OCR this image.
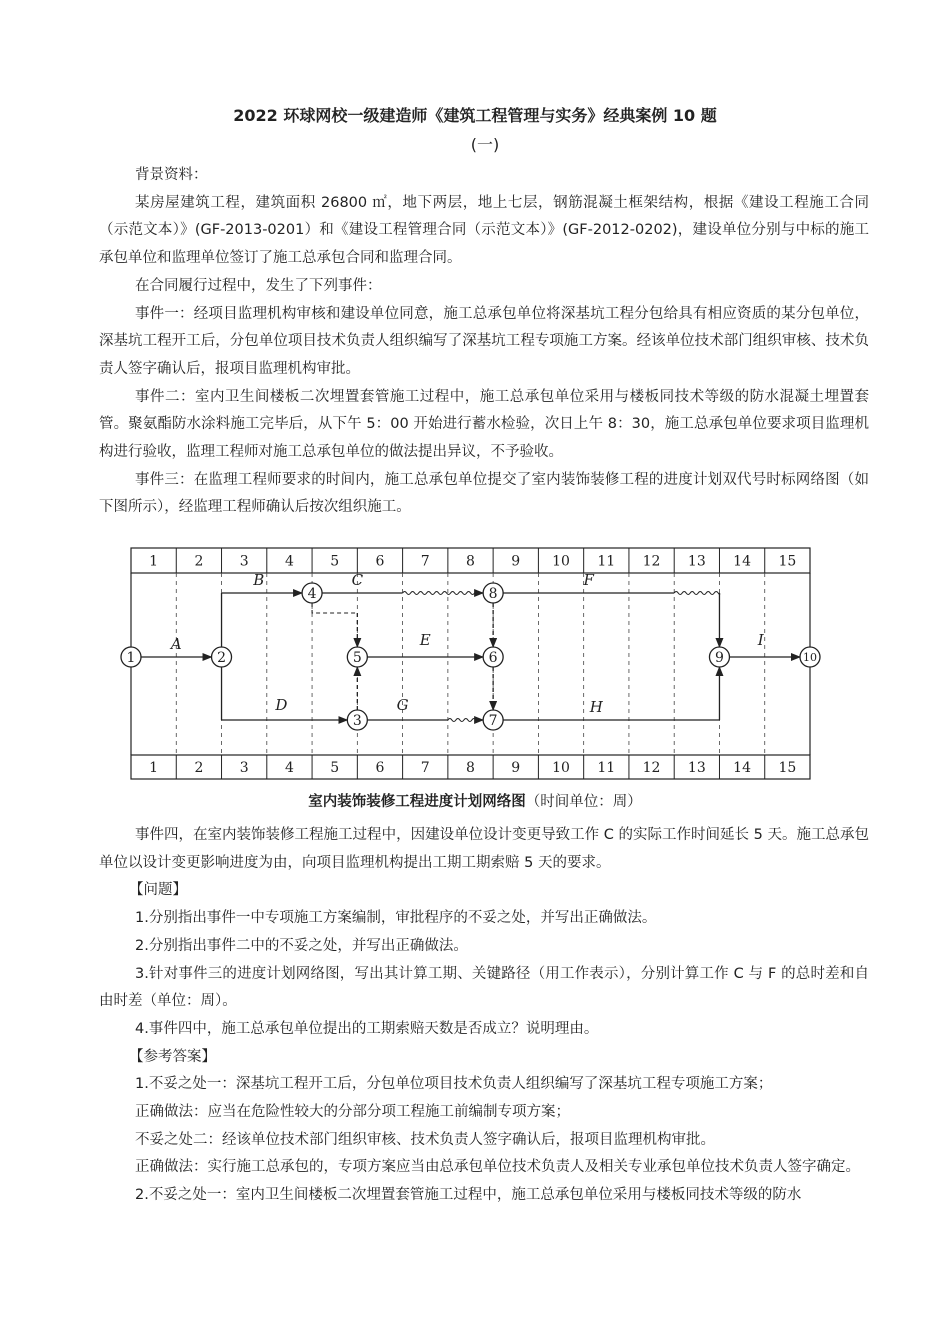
2022 环球网校一级建造师《建筑工程管理与实务》经典案例 10 题
(一)

背景资料：

某房屋建筑工程，建筑面积 26800 ㎡，地下两层，地上七层，钢筋混凝土框架结构，根据《建设工程施工合同（示范文本）》(GF-2013-0201）和《建设工程管理合同（示范文本）》(GF-2012-0202)，建设单位分别与中标的施工承包单位和监理单位签订了施工总承包合同和监理合同。

在合同履行过程中，发生了下列事件：

事件一：经项目监理机构审核和建设单位同意，施工总承包单位将深基坑工程分包给具有相应资质的某分包单位，深基坑工程开工后，分包单位项目技术负责人组织编写了深基坑工程专项施工方案。经该单位技术部门组织审核、技术负责人签字确认后，报项目监理机构审批。

事件二：室内卫生间楼板二次埋置套管施工过程中，施工总承包单位采用与楼板同技术等级的防水混凝土埋置套管。聚氨酯防水涂料施工完毕后，从下午 5：00 开始进行蓄水检验，次日上午 8：30，施工总承包单位要求项目监理机构进行验收，监理工程师对施工总承包单位的做法提出异议，不予验收。

事件三：在监理工程师要求的时间内，施工总承包单位提交了室内装饰装修工程的进度计划双代号时标网络图（如下图所示），经监理工程师确认后按次组织施工。

1	2	3	4	5	6	7	8	9 10 11 12 13 14 15
1	2	3	4	5	6	7	8	9 10 11 12 13 14 15
A
B	C	F
D
E
G	H
I
1	2
3
4
5	6
7
8
9	10
室内装饰装修工程进度计划网络图（时间单位：周）

事件四，在室内装饰装修工程施工过程中，因建设单位设计变更导致工作 C 的实际工作时间延长 5 天。施工总承包单位以设计变更影响进度为由，向项目监理机构提出工期工期索赔 5 天的要求。

【问题】

1.分别指出事件一中专项施工方案编制，审批程序的不妥之处，并写出正确做法。

2.分别指出事件二中的不妥之处，并写出正确做法。

3.针对事件三的进度计划网络图，写出其计算工期、关键路径（用工作表示），分别计算工作 C 与 F 的总时差和自由时差（单位：周）。

4.事件四中，施工总承包单位提出的工期索赔天数是否成立？说明理由。

【参考答案】

1.不妥之处一：深基坑工程开工后，分包单位项目技术负责人组织编写了深基坑工程专项施工方案；

正确做法：应当在危险性较大的分部分项工程施工前编制专项方案；

不妥之处二：经该单位技术部门组织审核、技术负责人签字确认后，报项目监理机构审批。

正确做法：实行施工总承包的，专项方案应当由总承包单位技术负责人及相关专业承包单位技术负责人签字确定。

2.不妥之处一：室内卫生间楼板二次埋置套管施工过程中，施工总承包单位采用与楼板同技术等级的防水
